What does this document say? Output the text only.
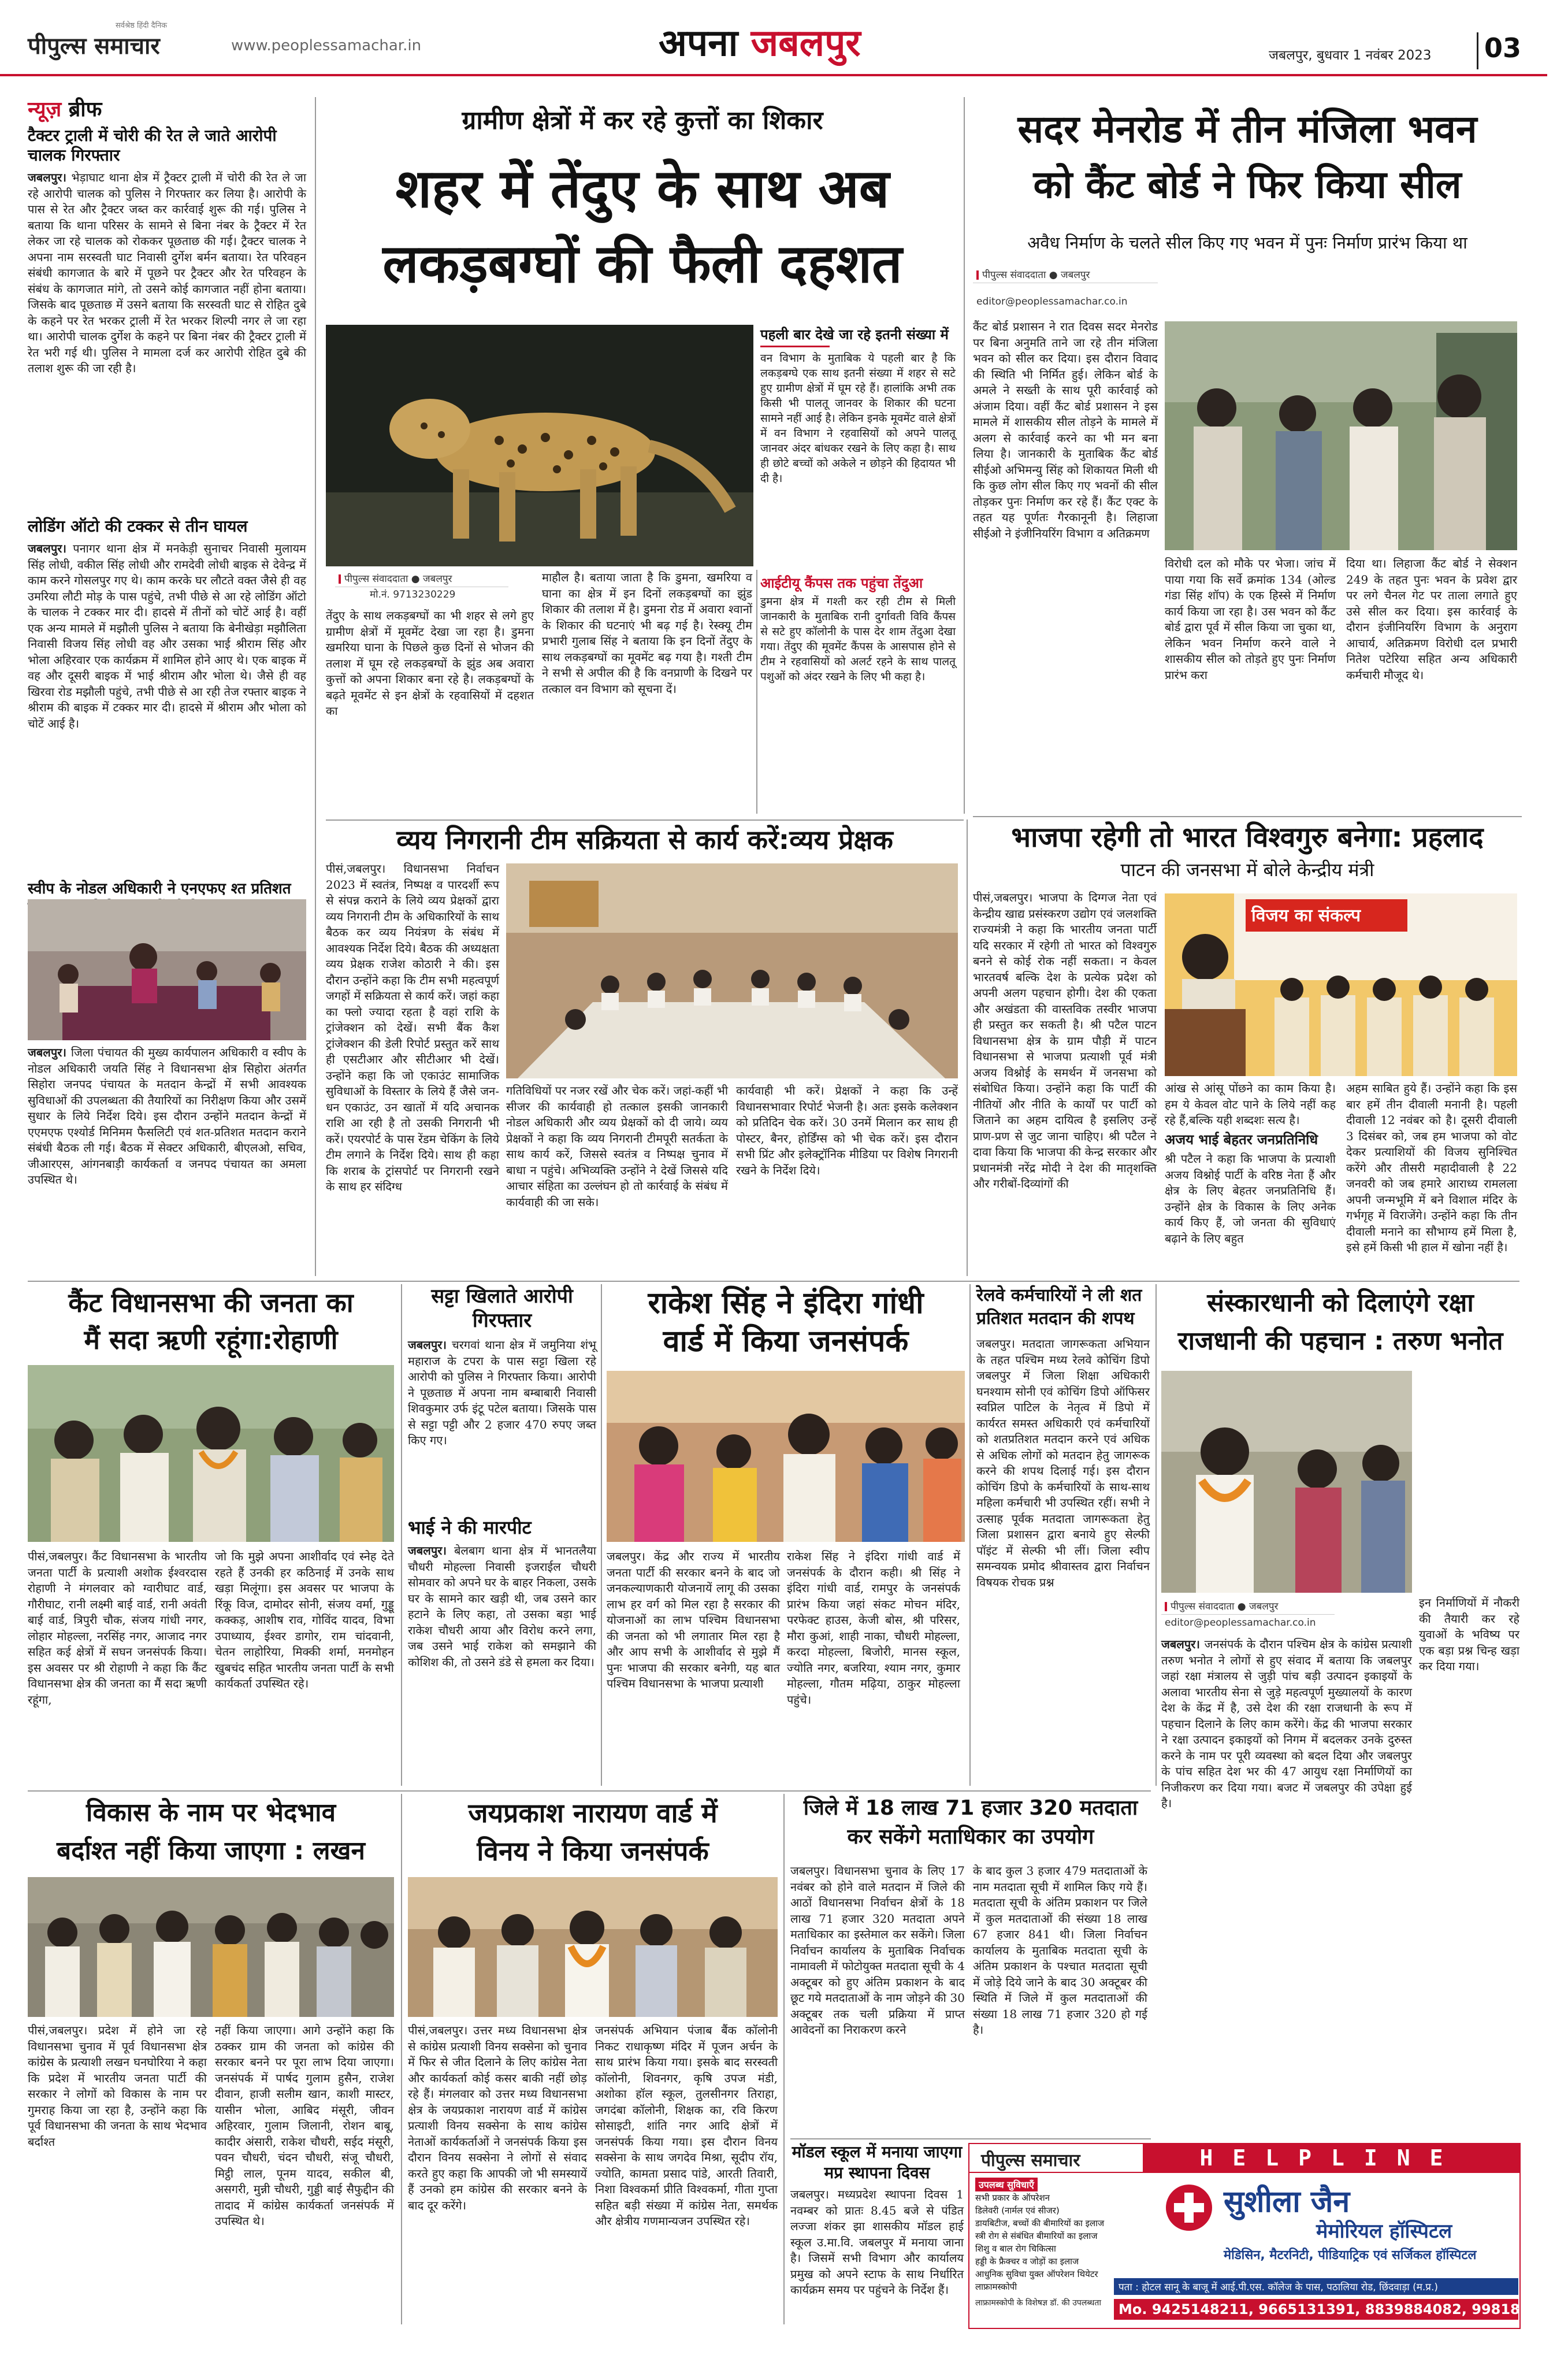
पीपुल्स समाचार
सर्वश्रेष्ठ हिंदी दैनिक
www.peoplessamachar.in	अपना जबलपुर	जबलपुर, बुधवार 1 नवंबर 2023 03
न्यूज़ ब्रीफ
टैक्टर ट्राली में चोरी की रेत ले जाते आरोपी चालक गिरफ्तार
जबलपुर। भेड़ाघाट थाना क्षेत्र में ट्रैक्टर ट्राली में चोरी की रेत ले जा रहे आरोपी चालक को पुलिस ने गिरफ्तार कर लिया है। आरोपी के पास से रेत और ट्रैक्टर जब्त कर कार्रवाई शुरू की गई। पुलिस ने बताया कि थाना परिसर के सामने से बिना नंबर के ट्रैक्टर में रेत लेकर जा रहे चालक को रोककर पूछताछ की गई। ट्रैक्टर चालक ने अपना नाम सरस्वती घाट निवासी दुर्गेश बर्मन बताया। रेत परिवहन संबंधी कागजात के बारे में पूछने पर ट्रैक्टर और रेत परिवहन के संबंध के कागजात मांगे, तो उसने कोई कागजात नहीं होना बताया। जिसके बाद पूछताछ में उसने बताया कि सरस्वती घाट से रोहित दुबे के कहने पर रेत भरकर ट्राली में रेत भरकर शिल्पी नगर ले जा रहा था। आरोपी चालक दुर्गेश के कहने पर बिना नंबर की ट्रैक्टर ट्राली में रेत भरी गई थी। पुलिस ने मामला दर्ज कर आरोपी रोहित दुबे की तलाश शुरू की जा रही है।
लोडिंग ऑटो की टक्कर से तीन घायल
जबलपुर। पनागर थाना क्षेत्र में मनकेड़ी सुनाचर निवासी मुलायम सिंह लोधी, वकील सिंह लोधी और रामदेवी लोधी बाइक से देवेन्द्र में काम करने गोसलपुर गए थे। काम करके घर लौटते वक्त जैसे ही वह उमरिया लौटी मोड़ के पास पहुंचे, तभी पीछे से आ रहे लोडिंग ऑटो के चालक ने टक्कर मार दी। हादसे में तीनों को चोटें आई है। वहीं एक अन्य मामले में मझौली पुलिस ने बताया कि बेनीखेड़ा मझौलिता निवासी विजय सिंह लोधी वह और उसका भाई श्रीराम सिंह और भोला अहिरवार एक कार्यक्रम में शामिल होने आए थे। एक बाइक में वह और दूसरी बाइक में भाई श्रीराम और भोला थे। जैसे ही वह खिरवा रोड मझौली पहुंचे, तभी पीछे से आ रही तेज रफ्तार बाइक ने श्रीराम की बाइक में टक्कर मार दी। हादसे में श्रीराम और भोला को चोटें आई है।
स्वीप के नोडल अधिकारी ने एनएफए श्त प्रतिशत
जबलपुर। जिला पंचायत की मुख्य कार्यपालन अधिकारी व स्वीप के नोडल अधिकारी जयति सिंह ने विधानसभा क्षेत्र सिहोरा अंतर्गत सिहोरा जनपद पंचायत के मतदान केन्द्रों में सभी आवश्यक सुविधाओं की उपलब्धता की तैयारियों का निरीक्षण किया और उसमें सुधार के लिये निर्देश दिये। इस दौरान उन्होंने मतदान केन्द्रों में एएमएफ एश्योर्ड मिनिमम फैसलिटी एवं शत-प्रतिशत मतदान कराने संबंधी बैठक ली गई। बैठक में सेक्टर अधिकारी, बीएलओ, सचिव, जीआरएस, आंगनबाड़ी कार्यकर्ता व जनपद पंचायत का अमला उपस्थित थे।
ग्रामीण क्षेत्रों में कर रहे कुत्तों का शिकार
शहर में तेंदुए के साथ अब
लकड़बग्घों की फैली दहशत
पीपुल्स संवाददाता ● जबलपुर
मो.नं. 9713230229
पहली बार देखे जा रहे इतनी संख्या में
वन विभाग के मुताबिक ये पहली बार है कि लकड़बग्घे एक साथ इतनी संख्या में शहर से सटे हुए ग्रामीण क्षेत्रों में घूम रहे हैं। हालांकि अभी तक किसी भी पालतू जानवर के शिकार की घटना सामने नहीं आई है। लेकिन इनके मूवमेंट वाले क्षेत्रों में वन विभाग ने रहवासियों को अपने पालतू जानवर अंदर बांधकर रखने के लिए कहा है। साथ ही छोटे बच्चों को अकेले न छोड़ने की हिदायत भी दी है।
तेंदुए के साथ लकड़बग्घों का भी शहर से लगे हुए ग्रामीण क्षेत्रों में मूवमेंट देखा जा रहा है। डुमना खमरिया घाना के पिछले कुछ दिनों से भोजन की तलाश में घूम रहे लकड़बग्घों के झुंड अब अवारा कुत्तों को अपना शिकार बना रहे है। लकड़बग्घों के बढ़ते मूवमेंट से इन क्षेत्रों के रहवासियों में दहशत का
माहौल है। बताया जाता है कि डुमना, खमरिया व घाना का क्षेत्र में इन दिनों लकड़बग्घों का झुंड शिकार की तलाश में है। डुमना रोड में अवारा श्वानों के शिकार की घटनाएं भी बढ़ गई है। रेस्क्यू टीम प्रभारी गुलाब सिंह ने बताया कि इन दिनों तेंदुए के साथ लकड़बग्घों का मूवमेंट बढ़ गया है। गश्ती टीम ने सभी से अपील की है कि वनप्राणी के दिखने पर तत्काल वन विभाग को सूचना दें।
आईटीयू कैंपस तक पहुंचा तेंदुआ
डुमना क्षेत्र में गश्ती कर रही टीम से मिली जानकारी के मुताबिक रानी दुर्गावती विवि कैंपस से सटे हुए कॉलोनी के पास देर शाम तेंदुआ देखा गया। तेंदुए की मूवमेंट कैंपस के आसपास होने से टीम ने रहवासियों को अलर्ट रहने के साथ पालतू पशुओं को अंदर रखने के लिए भी कहा है।
सदर मेनरोड में तीन मंजिला भवन
को कैंट बोर्ड ने फिर किया सील
अवैध निर्माण के चलते सील किए गए भवन में पुनः निर्माण प्रारंभ किया था
पीपुल्स संवाददाता ● जबलपुर
editor@peoplessamachar.co.in
कैंट बोर्ड प्रशासन ने रात दिवस सदर मेनरोड पर बिना अनुमति ताने जा रहे तीन मंजिला भवन को सील कर दिया। इस दौरान विवाद की स्थिति भी निर्मित हुई। लेकिन बोर्ड के अमले ने सख्ती के साथ पूरी कार्रवाई को अंजाम दिया। वहीं कैंट बोर्ड प्रशासन ने इस मामले में शासकीय सील तोड़ने के मामले में अलग से कार्रवाई करने का भी मन बना लिया है। जानकारी के मुताबिक कैंट बोर्ड सीईओ अभिमन्यु सिंह को शिकायत मिली थी कि कुछ लोग सील किए गए भवनों की सील तोड़कर पुनः निर्माण कर रहे हैं। कैंट एक्ट के तहत यह पूर्णतः गैरकानूनी है। लिहाजा सीईओ ने इंजीनियरिंग विभाग व अतिक्रमण
विरोधी दल को मौके पर भेजा। जांच में पाया गया कि सर्वे क्रमांक 134 (ओल्ड गंडा सिंह शॉप) के एक हिस्से में निर्माण कार्य किया जा रहा है। उस भवन को कैंट बोर्ड द्वारा पूर्व में सील किया जा चुका था, लेकिन भवन निर्माण करने वाले ने शासकीय सील को तोड़ते हुए पुनः निर्माण प्रारंभ करा
दिया था। लिहाजा कैंट बोर्ड ने सेक्शन 249 के तहत पुनः भवन के प्रवेश द्वार पर लगे चैनल गेट पर ताला लगाते हुए उसे सील कर दिया। इस कार्रवाई के दौरान इंजीनियरिंग विभाग के अनुराग आचार्य, अतिक्रमण विरोधी दल प्रभारी नितेश पटेरिया सहित अन्य अधिकारी कर्मचारी मौजूद थे।
भाजपा रहेगी तो भारत विश्वगुरु बनेगा: प्रहलाद
पाटन की जनसभा में बोले केन्द्रीय मंत्री
पीसं,जबलपुर। भाजपा के दिग्गज नेता एवं केन्द्रीय खाद्य प्रसंस्करण उद्योग एवं जलशक्ति राज्यमंत्री ने कहा कि भारतीय जनता पार्टी यदि सरकार में रहेगी तो भारत को विश्वगुरु बनने से कोई रोक नहीं सकता। न केवल भारतवर्ष बल्कि देश के प्रत्येक प्रदेश को अपनी अलग पहचान होगी। देश की एकता और अखंडता की वास्तविक तस्वीर भाजपा ही प्रस्तुत कर सकती है। श्री पटैल पाटन विधानसभा क्षेत्र के ग्राम पौड़ी में पाटन विधानसभा से भाजपा प्रत्याशी पूर्व मंत्री अजय विश्नोई के समर्थन में जनसभा को संबोधित किया। उन्होंने कहा कि पार्टी की नीतियों और नीति के कार्यों पर पार्टी को जिताने का अहम दायित्व है इसलिए उन्हें प्राण-प्रण से जुट जाना चाहिए। श्री पटैल ने दावा किया कि भाजपा की केन्द्र सरकार और प्रधानमंत्री नरेंद्र मोदी ने देश की मातृशक्ति और गरीबों-दिव्यांगों की
विजय का संकल्प
आंख से आंसू पोंछने का काम किया है। हम ये केवल वोट पाने के लिये नहीं कह रहे हैं,बल्कि यही शब्दशः सत्य है।
अजय भाई बेहतर जनप्रतिनिधि
श्री पटैल ने कहा कि भाजपा के प्रत्याशी अजय विश्नोई पार्टी के वरिष्ठ नेता हैं और क्षेत्र के लिए बेहतर जनप्रतिनिधि हैं। उन्होंने क्षेत्र के विकास के लिए अनेक कार्य किए हैं, जो जनता की सुविधाएं बढ़ाने के लिए बहुत
अहम साबित हुये हैं। उन्होंने कहा कि इस बार हमें तीन दीवाली मनानी है। पहली दीवाली 12 नवंबर को है। दूसरी दीवाली 3 दिसंबर को, जब हम भाजपा को वोट देकर प्रत्याशियों की विजय सुनिश्चित करेंगे और तीसरी महादीवाली है 22 जनवरी को जब हमारे आराध्य रामलला अपनी जन्मभूमि में बने विशाल मंदिर के गर्भगृह में विराजेंगे। उन्होंने कहा कि तीन दीवाली मनाने का सौभाग्य हमें मिला है, इसे हमें किसी भी हाल में खोना नहीं है।
व्यय निगरानी टीम सक्रियता से कार्य करें:व्यय प्रेक्षक
पीसं,जबलपुर। विधानसभा निर्वाचन 2023 में स्वतंत्र, निष्पक्ष व पारदर्शी रूप से संपन्न कराने के लिये व्यय प्रेक्षकों द्वारा व्यय निगरानी टीम के अधिकारियों के साथ बैठक कर व्यय नियंत्रण के संबंध में आवश्यक निर्देश दिये। बैठक की अध्यक्षता व्यय प्रेक्षक राजेश कोठारी ने की। इस दौरान उन्होंने कहा कि टीम सभी महत्वपूर्ण जगहों में सक्रियता से कार्य करें। जहां कहा का फ्लो ज्यादा रहता है वहां राशि के ट्रांजेक्शन को देखें। सभी बैंक कैश ट्रांजेक्शन की डेली रिपोर्ट प्रस्तुत करें साथ ही एसटीआर और सीटीआर भी देखें। उन्होंने कहा कि जो एकाउंट सामाजिक सुविधाओं के विस्तार के लिये हैं जैसे जन-धन एकाउंट, उन खातों में यदि अचानक राशि आ रही है तो उसकी निगरानी भी करें। एयरपोर्ट के पास रेंडम चेकिंग के लिये टीम लगाने के निर्देश दिये। साथ ही कहा कि शराब के ट्रांसपोर्ट पर निगरानी रखने के साथ हर संदिग्ध
गतिविधियों पर नजर रखें और चेक करें। जहां-कहीं भी सीजर की कार्यवाही हो तत्काल इसकी जानकारी नोडल अधिकारी और व्यय प्रेक्षकों को दी जाये। व्यय प्रेक्षकों ने कहा कि व्यय निगरानी टीमपूरी सतर्कता के साथ कार्य करें, जिससे स्वतंत्र व निष्पक्ष चुनाव में बाधा न पहुंचे। अभिव्यक्ति उन्होंने ने देखें जिससे यदि आचार संहिता का उल्लंघन हो तो कार्रवाई के संबंध में कार्यवाही की जा सके।
कार्यवाही भी करें। प्रेक्षकों ने कहा कि उन्हें विधानसभावार रिपोर्ट भेजनी है। अतः इसके कलेक्शन को प्रतिदिन चेक करें। 30 उनमें मिलान कर साथ ही पोस्टर, बैनर, होर्डिंग्स को भी चेक करें। इस दौरान सभी प्रिंट और इलेक्ट्रॉनिक मीडिया पर विशेष निगरानी रखने के निर्देश दिये।
कैंट विधानसभा की जनता का
मैं सदा ऋणी रहूंगा:रोहाणी
पीसं,जबलपुर। कैंट विधानसभा के भारतीय जनता पार्टी के प्रत्याशी अशोक ईश्वरदास रोहाणी ने मंगलवार को ग्वारीघाट वार्ड, गौरीघाट, रानी लक्ष्मी बाई वार्ड, रानी अवंती बाई वार्ड, त्रिपुरी चौक, संजय गांधी नगर, लोहार मोहल्ला, नरसिंह नगर, आजाद नगर सहित कई क्षेत्रों में सघन जनसंपर्क किया। इस अवसर पर श्री रोहाणी ने कहा कि कैंट विधानसभा क्षेत्र की जनता का मैं सदा ऋणी रहूंगा,
जो कि मुझे अपना आशीर्वाद एवं स्नेह देते रहते हैं उनकी हर कठिनाई में उनके साथ खड़ा मिलूंगा। इस अवसर पर भाजपा के रिंकू विज, दामोदर सोनी, संजय वर्मा, गुड्डू कक्कड़, आशीष राव, गोविंद यादव, विभा उपाध्याय, ईश्वर डागोर, राम चांदवानी, चेतन लाहोरिया, मिक्की शर्मा, मनमोहन खुबचंद सहित भारतीय जनता पार्टी के सभी कार्यकर्ता उपस्थित रहे।
सट्टा खिलाते आरोपी गिरफ्तार
जबलपुर। चरगवां थाना क्षेत्र में जमुनिया शंभू महाराज के टपरा के पास सट्टा खिला रहे आरोपी को पुलिस ने गिरफ्तार किया। आरोपी ने पूछताछ में अपना नाम बम्बाबारी निवासी शिवकुमार उर्फ इंटू पटेल बताया। जिसके पास से सट्टा पट्टी और 2 हजार 470 रुपए जब्त किए गए।
भाई ने की मारपीट
जबलपुर। बेलबाग थाना क्षेत्र में भानतलैया चौधरी मोहल्ला निवासी इजराईल चौधरी सोमवार को अपने घर के बाहर निकला, उसके घर के सामने कार खड़ी थी, जब उसने कार हटाने के लिए कहा, तो उसका बड़ा भाई राकेश चौधरी आया और विरोध करने लगा, जब उसने भाई राकेश को समझाने की कोशिश की, तो उसने डंडे से हमला कर दिया।
राकेश सिंह ने इंदिरा गांधी
वार्ड में किया जनसंपर्क
जबलपुर। केंद्र और राज्य में भारतीय जनता पार्टी की सरकार बनने के बाद जो जनकल्याणकारी योजनायें लागू की उसका लाभ हर वर्ग को मिल रहा है सरकार की योजनाओं का लाभ पश्चिम विधानसभा की जनता को भी लगातार मिल रहा है और आप सभी के आशीर्वाद से मुझे मैं पुनः भाजपा की सरकार बनेगी, यह बात पश्चिम विधानसभा के भाजपा प्रत्याशी
राकेश सिंह ने इंदिरा गांधी वार्ड में जनसंपर्क के दौरान कही। श्री सिंह ने इंदिरा गांधी वार्ड, रामपुर के जनसंपर्क प्रारंभ किया जहां संकट मोचन मंदिर, परफेक्ट हाउस, केजी बोस, श्री परिसर, मौरा कुआं, शाही नाका, चौधरी मोहल्ला, करदा मोहल्ला, बिजोरी, मानस स्कूल, ज्योति नगर, बजरिया, श्याम नगर, कुमार मोहल्ला, गौतम मढ़िया, ठाकुर मोहल्ला पहुंचे।
रेलवे कर्मचारियों ने ली शत प्रतिशत मतदान की शपथ
जबलपुर। मतदाता जागरूकता अभियान के तहत पश्चिम मध्य रेलवे कोचिंग डिपो जबलपुर में जिला शिक्षा अधिकारी घनश्याम सोनी एवं कोचिंग डिपो ऑफिसर स्वप्निल पाटिल के नेतृत्व में डिपो में कार्यरत समस्त अधिकारी एवं कर्मचारियों को शतप्रतिशत मतदान करने एवं अधिक से अधिक लोगों को मतदान हेतु जागरूक करने की शपथ दिलाई गई। इस दौरान कोचिंग डिपो के कर्मचारियों के साथ-साथ महिला कर्मचारी भी उपस्थित रहीं। सभी ने उत्साह पूर्वक मतदाता जागरूकता हेतु जिला प्रशासन द्वारा बनाये हुए सेल्फी पॉइंट में सेल्फी भी लीं। जिला स्वीप समन्वयक प्रमोद श्रीवास्तव द्वारा निर्वाचन विषयक रोचक प्रश्न
संस्कारधानी को दिलाएंगे रक्षा
राजधानी की पहचान : तरुण भनोत
पीपुल्स संवाददाता ● जबलपुर
editor@peoplessamachar.co.in
इन निर्माणियों में नौकरी की तैयारी कर रहे युवाओं के भविष्य पर एक बड़ा प्रश्न चिन्ह खड़ा कर दिया गया।
जबलपुर। जनसंपर्क के दौरान पश्चिम क्षेत्र के कांग्रेस प्रत्याशी तरुण भनोत ने लोगों से हुए संवाद में बताया कि जबलपुर जहां रक्षा मंत्रालय से जुड़ी पांच बड़ी उत्पादन इकाइयों के अलावा भारतीय सेना से जुड़े महत्वपूर्ण मुख्यालयों के कारण देश के केंद्र में है, उसे देश की रक्षा राजधानी के रूप में पहचान दिलाने के लिए काम करेंगे। केंद्र की भाजपा सरकार ने रक्षा उत्पादन इकाइयों को निगम में बदलकर उनके दुरुस्त करने के नाम पर पूरी व्यवस्था को बदल दिया और जबलपुर के पांच सहित देश भर की 47 आयुध रक्षा निर्माणियों का निजीकरण कर दिया गया। बजट में जबलपुर की उपेक्षा हुई है।
विकास के नाम पर भेदभाव
बर्दाश्त नहीं किया जाएगा : लखन
पीसं,जबलपुर। प्रदेश में होने जा रहे विधानसभा चुनाव में पूर्व विधानसभा क्षेत्र कांग्रेस के प्रत्याशी लखन घनघोरिया ने कहा कि प्रदेश में भारतीय जनता पार्टी की सरकार ने लोगों को विकास के नाम पर गुमराह किया जा रहा है, उन्होंने कहा कि पूर्व विधानसभा की जनता के साथ भेदभाव बर्दाश्त
नहीं किया जाएगा। आगे उन्होंने कहा कि ठक्कर ग्राम की जनता को कांग्रेस की सरकार बनने पर पूरा लाभ दिया जाएगा। जनसंपर्क में पार्षद गुलाम हुसैन, राजेश दीवान, हाजी सलीम खान, काशी मास्टर, यासीन भोला, आबिद मंसूरी, जीवन अहिरवार, गुलाम जिलानी, रोशन बाबू, कादीर अंसारी, राकेश चौधरी, सईद मंसूरी, पवन चौधरी, चंदन चौधरी, संजू चौधरी, मिट्ठी लाल, पूनम यादव, सकील बी, असगरी, मुन्नी चौधरी, गुड्डी बाई सैफुद्दीन की तादाद में कांग्रेस कार्यकर्ता जनसंपर्क में उपस्थित थे।
जयप्रकाश नारायण वार्ड में
विनय ने किया जनसंपर्क
पीसं,जबलपुर। उत्तर मध्य विधानसभा क्षेत्र से कांग्रेस प्रत्याशी विनय सक्सेना को चुनाव में फिर से जीत दिलाने के लिए कांग्रेस नेता और कार्यकर्ता कोई कसर बाकी नहीं छोड़ रहे हैं। मंगलवार को उत्तर मध्य विधानसभा क्षेत्र के जयप्रकाश नारायण वार्ड में कांग्रेस प्रत्याशी विनय सक्सेना के साथ कांग्रेस नेताओं कार्यकर्ताओं ने जनसंपर्क किया इस दौरान विनय सक्सेना ने लोगों से संवाद करते हुए कहा कि आपकी जो भी समस्यायें हैं उनको हम कांग्रेस की सरकार बनने के बाद दूर करेंगे।
जनसंपर्क अभियान पंजाब बैंक कॉलोनी निकट राधाकृष्ण मंदिर में पूजन अर्चन के साथ प्रारंभ किया गया। इसके बाद सरस्वती कॉलोनी, शिवनगर, कृषि उपज मंडी, अशोका हॉल स्कूल, तुलसीनगर तिराहा, जगदंबा कॉलोनी, शिक्षक का, रवि किरण सोसाइटी, शांति नगर आदि क्षेत्रों में जनसंपर्क किया गया। इस दौरान विनय सक्सेना के साथ जगदेव मिश्रा, सूदीप रॉय, ज्योति, कामता प्रसाद पांडे, आरती तिवारी, निशा विश्वकर्मा प्रीति विश्वकर्मा, गीता गुप्ता सहित बड़ी संख्या में कांग्रेस नेता, समर्थक और क्षेत्रीय गणमान्यजन उपस्थित रहे।
जिले में 18 लाख 71 हजार 320 मतदाता कर सकेंगे मताधिकार का उपयोग
जबलपुर। विधानसभा चुनाव के लिए 17 नवंबर को होने वाले मतदान में जिले की आठों विधानसभा निर्वाचन क्षेत्रों के 18 लाख 71 हजार 320 मतदाता अपने मताधिकार का इस्तेमाल कर सकेंगे। जिला निर्वाचन कार्यालय के मुताबिक निर्वाचक नामावली में फोटोयुक्त मतदाता सूची के 4 अक्टूबर को हुए अंतिम प्रकाशन के बाद छूट गये मतदाताओं के नाम जोड़ने की 30 अक्टूबर तक चली प्रक्रिया में प्राप्त आवेदनों का निराकरण करने
के बाद कुल 3 हजार 479 मतदाताओं के नाम मतदाता सूची में शामिल किए गये हैं। मतदाता सूची के अंतिम प्रकाशन पर जिले में कुल मतदाताओं की संख्या 18 लाख 67 हजार 841 थी। जिला निर्वाचन कार्यालय के मुताबिक मतदाता सूची के अंतिम प्रकाशन के पश्चात मतदाता सूची में जोड़े दिये जाने के बाद 30 अक्टूबर की स्थिति में जिले में कुल मतदाताओं की संख्या 18 लाख 71 हजार 320 हो गई है।
मॉडल स्कूल में मनाया जाएगा मप्र स्थापना दिवस
जबलपुर। मध्यप्रदेश स्थापना दिवस 1 नवम्बर को प्रातः 8.45 बजे से पंडित लज्जा शंकर झा शासकीय मॉडल हाई स्कूल उ.मा.वि. जबलपुर में मनाया जाना है। जिसमें सभी विभाग और कार्यालय प्रमुख को अपने स्टाफ के साथ निर्धारित कार्यक्रम समय पर पहुंचने के निर्देश हैं।
पीपुल्स समाचार	HELPLINE
उपलब्ध सुविधाएँ
सभी प्रकार के ऑपरेशन
डिलेवरी (नार्मल एवं सीजर)
डायबिटीज, बच्चों की बीमारियों का इलाज
स्त्री रोग से संबंधित बीमारियों का इलाज
शिशु व बाल रोग चिकित्सा
हड्डी के फ्रैक्चर व जोड़ों का इलाज
आधुनिक सुविधा युक्त ऑपरेशन थियेटर
लाफ्रामस्कोपी
सुशीला जैन
मेमोरियल हॉस्पिटल
मेडिसिन, मैटरनिटी, पीडियाट्रिक एवं सर्जिकल हॉस्पिटल
पता : होटल सानू के बाजू में आई.पी.एस. कॉलेज के पास, पठालिया रोड, छिंदवाड़ा (म.प्र.)
Mo. 9425148211, 9665131391, 8839884082, 9981818076
लाफ्रामस्कोपी के विशेषज्ञ डॉ. की उपलब्धता
